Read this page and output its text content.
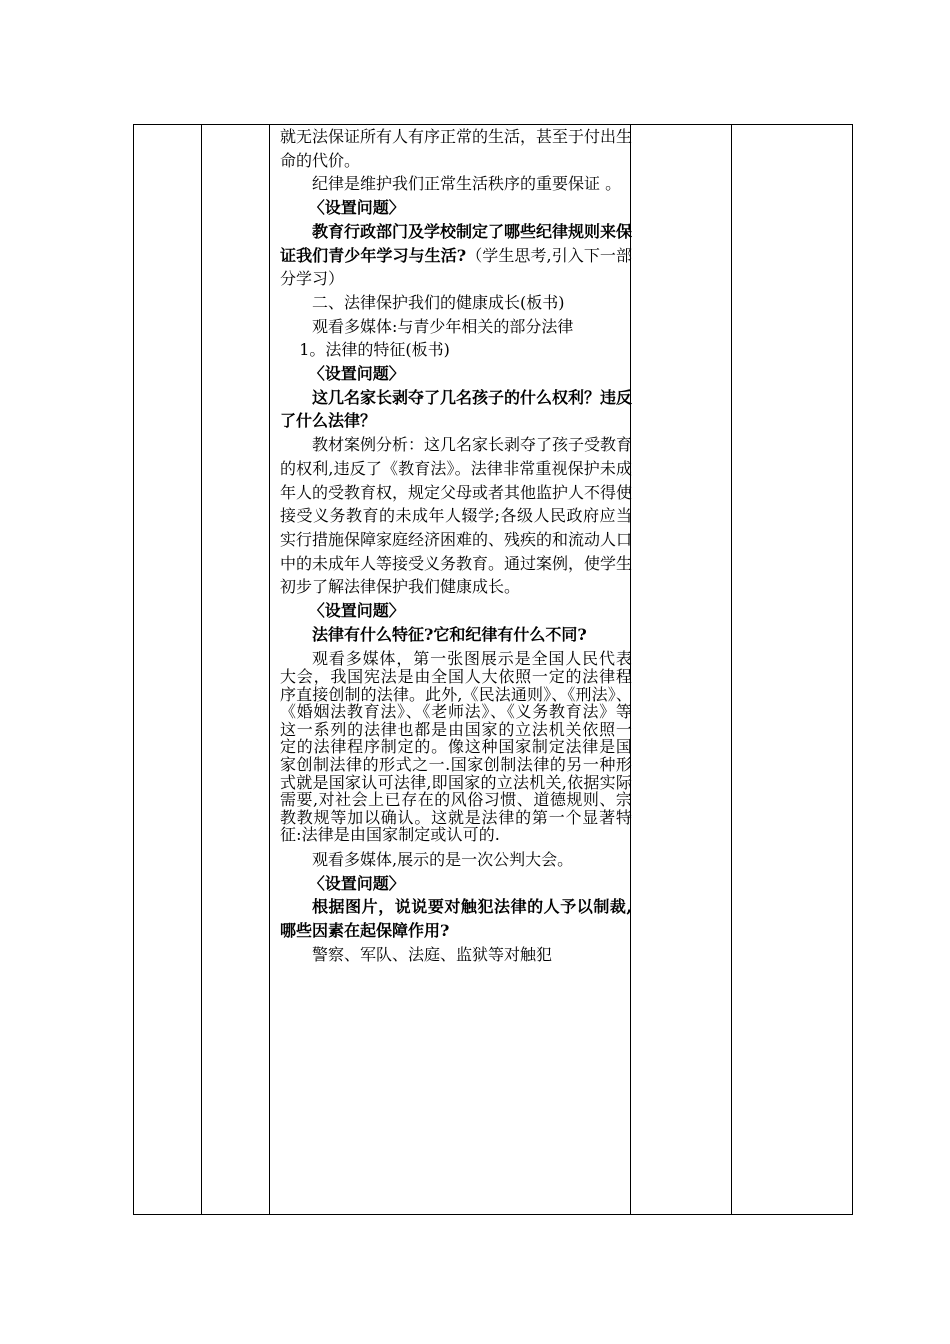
就无法保证所有人有序正常的生活，甚至于付出生命的代价。

纪律是维护我们正常生活秩序的重要保证 。

〈设置问题〉

教育行政部门及学校制定了哪些纪律规则来保证我们青少年学习与生活?（学生思考,引入下一部分学习）

二、法律保护我们的健康成长(板书)

观看多媒体:与青少年相关的部分法律

1。法律的特征(板书)

〈设置问题〉

这几名家长剥夺了几名孩子的什么权利？违反了什么法律？

教材案例分析：这几名家长剥夺了孩子受教育的权利,违反了《教育法》。法律非常重视保护未成年人的受教育权，规定父母或者其他监护人不得使接受义务教育的未成年人辍学;各级人民政府应当实行措施保障家庭经济困难的、残疾的和流动人口中的未成年人等接受义务教育。通过案例，使学生初步了解法律保护我们健康成长。

〈设置问题〉

法律有什么特征?它和纪律有什么不同?

观看多媒体，第一张图展示是全国人民代表大会，我国宪法是由全国人大依照一定的法律程序直接创制的法律。此外,《民法通则》、《刑法》、《婚姻法教育法》、《老师法》、《义务教育法》等这一系列的法律也都是由国家的立法机关依照一定的法律程序制定的。像这种国家制定法律是国家创制法律的形式之一.国家创制法律的另一种形式就是国家认可法律,即国家的立法机关,依据实际需要,对社会上已存在的风俗习惯、道德规则、宗教教规等加以确认。这就是法律的第一个显著特征:法律是由国家制定或认可的.

观看多媒体,展示的是一次公判大会。

〈设置问题〉

根据图片，说说要对触犯法律的人予以制裁,哪些因素在起保障作用?

警察、军队、法庭、监狱等对触犯
